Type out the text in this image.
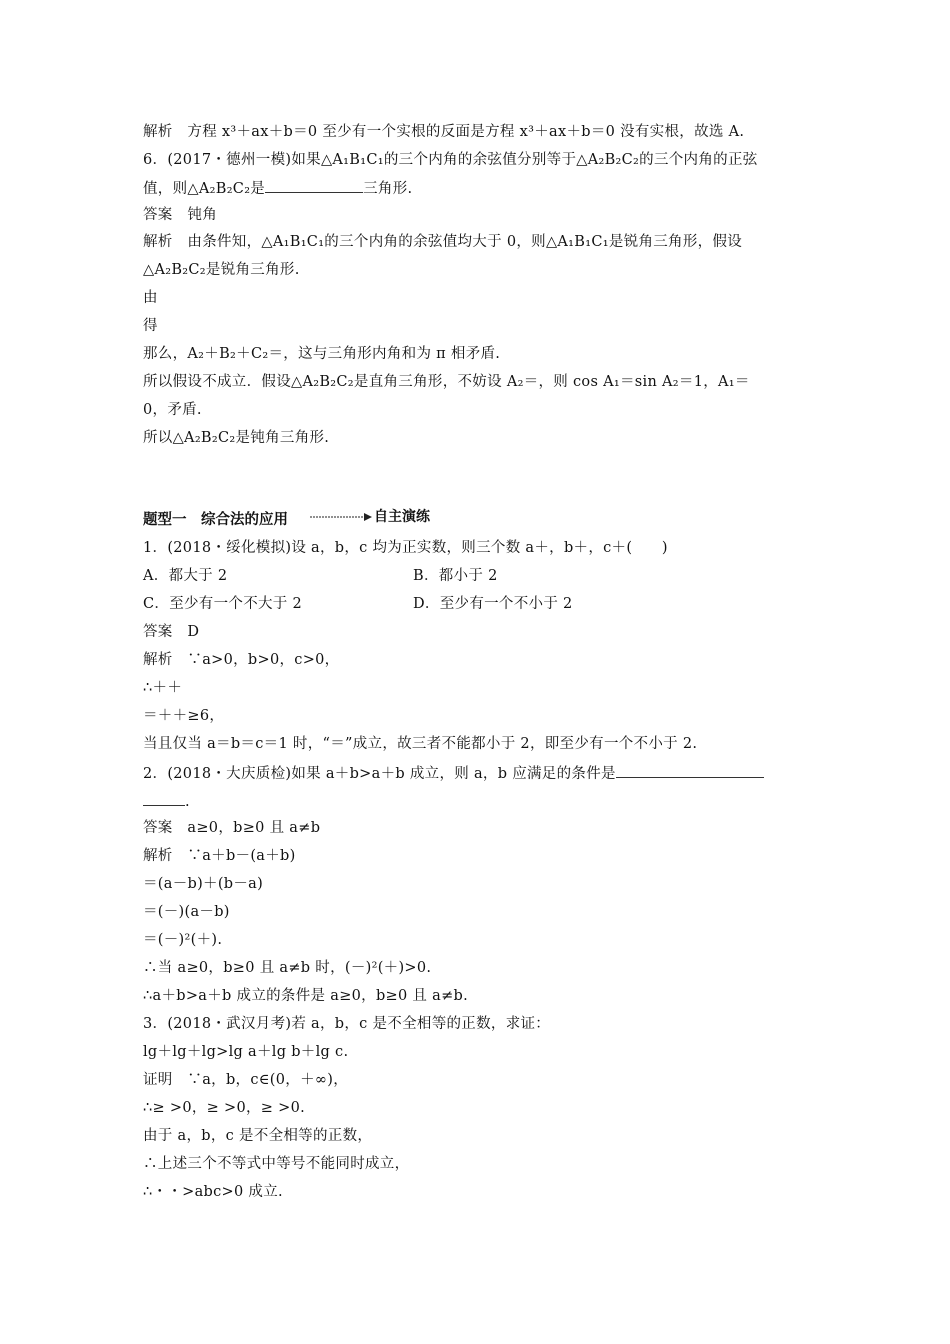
解析　方程 x³＋ax＋b＝0 至少有一个实根的反面是方程 x³＋ax＋b＝0 没有实根，故选 A.
6．(2017・德州一模)如果△A₁B₁C₁的三个内角的余弦值分别等于△A₂B₂C₂的三个内角的正弦
值，则△A₂B₂C₂是	三角形.
答案　钝角
解析　由条件知，△A₁B₁C₁的三个内角的余弦值均大于 0，则△A₁B₁C₁是锐角三角形，假设
△A₂B₂C₂是锐角三角形.
由
得
那么，A₂＋B₂＋C₂＝，这与三角形内角和为 π 相矛盾.
所以假设不成立．假设△A₂B₂C₂是直角三角形，不妨设 A₂＝，则 cos A₁＝sin A₂＝1，A₁＝
0，矛盾.
所以△A₂B₂C₂是钝角三角形.
题型一　综合法的应用	自主演练
1．(2018・绥化模拟)设 a，b，c 均为正实数，则三个数 a＋，b＋，c＋(　　)
A．都大于 2	B．都小于 2
C．至少有一个不大于 2	D．至少有一个不小于 2
答案　D
解析　∵a>0，b>0，c>0，
∴＋＋
＝＋＋≥6，
当且仅当 a＝b＝c＝1 时，“＝”成立，故三者不能都小于 2，即至少有一个不小于 2.
2．(2018・大庆质检)如果 a＋b>a＋b 成立，则 a，b 应满足的条件是
.
答案　a≥0，b≥0 且 a≠b
解析　∵a＋b－(a＋b)
＝(a－b)＋(b－a)
＝(－)(a－b)
＝(－)²(＋).
∴当 a≥0，b≥0 且 a≠b 时，(－)²(＋)>0.
∴a＋b>a＋b 成立的条件是 a≥0，b≥0 且 a≠b.
3．(2018・武汉月考)若 a，b，c 是不全相等的正数，求证：
lg＋lg＋lg>lg a＋lg b＋lg c.
证明　∵a，b，c∈(0，＋∞)，
∴≥ >0，≥ >0，≥ >0.
由于 a，b，c 是不全相等的正数，
∴上述三个不等式中等号不能同时成立，
∴・・>abc>0 成立.
